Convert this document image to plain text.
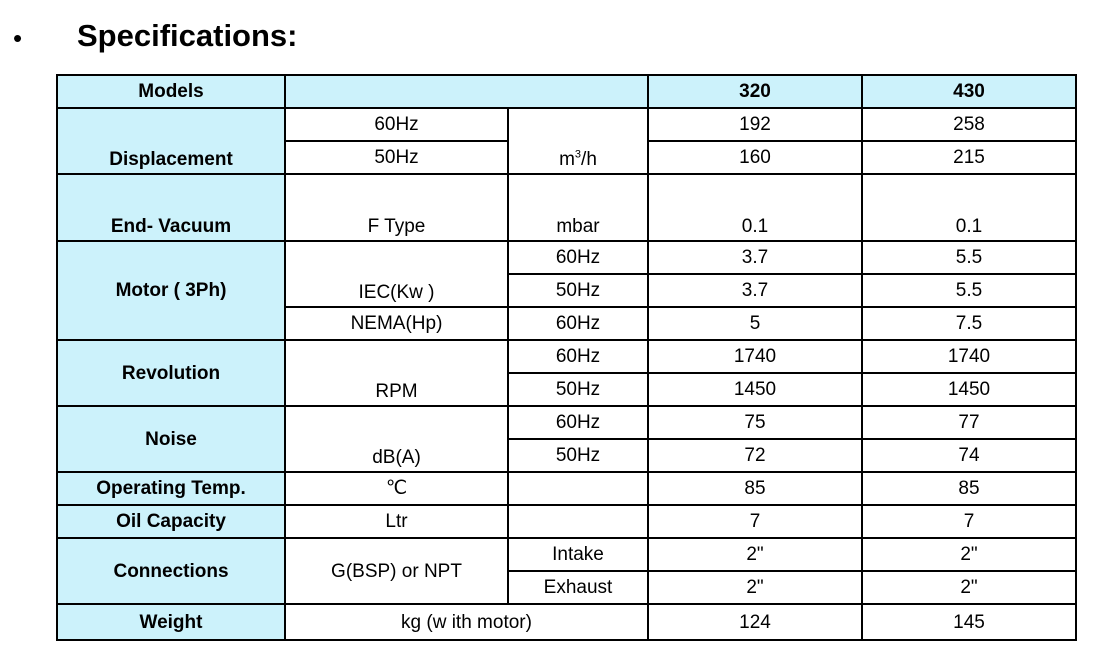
• Specifications:
Models			320	430
Displacement	60Hz	$m^3/h$	192	258
	50Hz		160	215
End- Vacuum	F Type	mbar	0.1	0.1
Motor ( 3Ph)	IEC(Kw )	60Hz	3.7	5.5
		50Hz	3.7	5.5
	NEMA(Hp)	60Hz	5	7.5
Revolution	RPM	60Hz	1740	1740
		50Hz	1450	1450
Noise	dB(A)	60Hz	75	77
		50Hz	72	74
Operating Temp.	℃		85	85
Oil Capacity	Ltr		7	7
Connections	G(BSP) or NPT	Intake	2"	2"
		Exhaust	2"	2"
Weight	kg (w ith motor)		124	145
